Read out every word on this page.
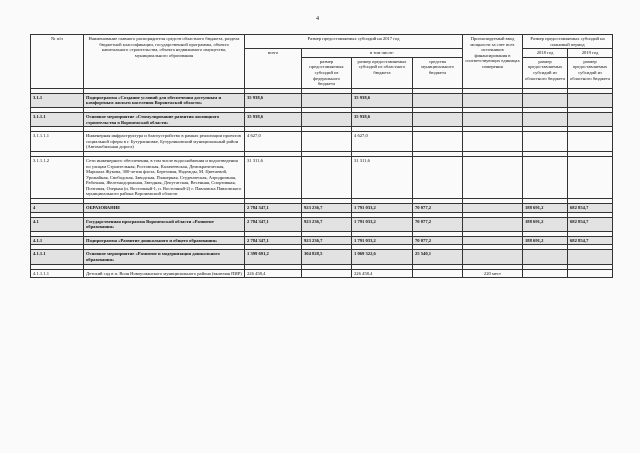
4
№ п/п	Наименование главного распорядителя средств областного бюджета, раздела бюджетной классификации, государственной программы, объекта капитального строительства, объекта недвижимого имущества, муниципального образования	Размер предоставляемых субсидий на 2017 год				Прогнозируемый ввод мощности за счет всех источников финансирования в соответствующих единицах измерения	Размер предоставляемых субсидий на плановый период	
		всего	в том числе:				2018 год	2019 год
			размер предоставляемых субсидий из федерального бюджета	размер предоставляемых субсидий из областного бюджета	средства муниципального бюджета		размер предоставляемых субсидий из областного бюджета	размер предоставляемых субсидий из областного бюджета

3.1.1	Подпрограмма «Создание условий для обеспечения доступным и комфортным жильем населения Воронежской области»	35 938,6		35 938,6				

3.1.1.1	Основное мероприятие «Стимулирование развития жилищного строительства в Воронежской области»	35 938,6		35 938,6				

3.1.1.1.1	Инженерная инфраструктура и благоустройство в рамках реализации проектов социальной сферы в г. Бутурлиновке, Бутурлиновский муниципальный район (Автомобильная дорога)	4 627,0		4 627,0				

3.1.1.1.2	Сети инженерного обеспечения, в том числе водоснабжения и водоотведения по улицам Строительная, Ростовская, Калачеевская, Демократическая, Маршала Жукова, 300-летия флота, Березовая, Надежды, М. Цветаевой, Урожайная, Свободская, Заводская, Планерная, Студенческая, Аэродромная, Рабочная, Железнодорожная, Звездная, Депутатская, Весенняя, Спортивная, Почтовая, Озерная (п. Восточный-1, п. Восточный-2) г. Павловска Павловского муниципального района Воронежской области	31 311,6		31 311,6				

4	ОБРАЗОВАНИЕ	2 784 347,1	923 236,7	1 791 033,2	70 077,2		188 691,2	682 854,7

4.1	Государственная программа Воронежской области «Развитие образования»	2 784 347,1	923 236,7	1 791 033,2	70 077,2		188 691,2	682 854,7

4.1.1	Подпрограмма «Развитие дошкольного и общего образования»	2 784 347,1	923 236,7	1 791 033,2	70 077,2		188 691,2	682 854,7

4.1.1.1	Основное мероприятие «Развитие и модернизация дошкольного образования»	1 399 691,2	304 828,5	1 069 322,6	25 540,1			

4.1.1.1.1	Детский сад в п. Воля Новоусманского муниципального района (включая ПИР)	226 458,4		226 458,4		220 мест		
